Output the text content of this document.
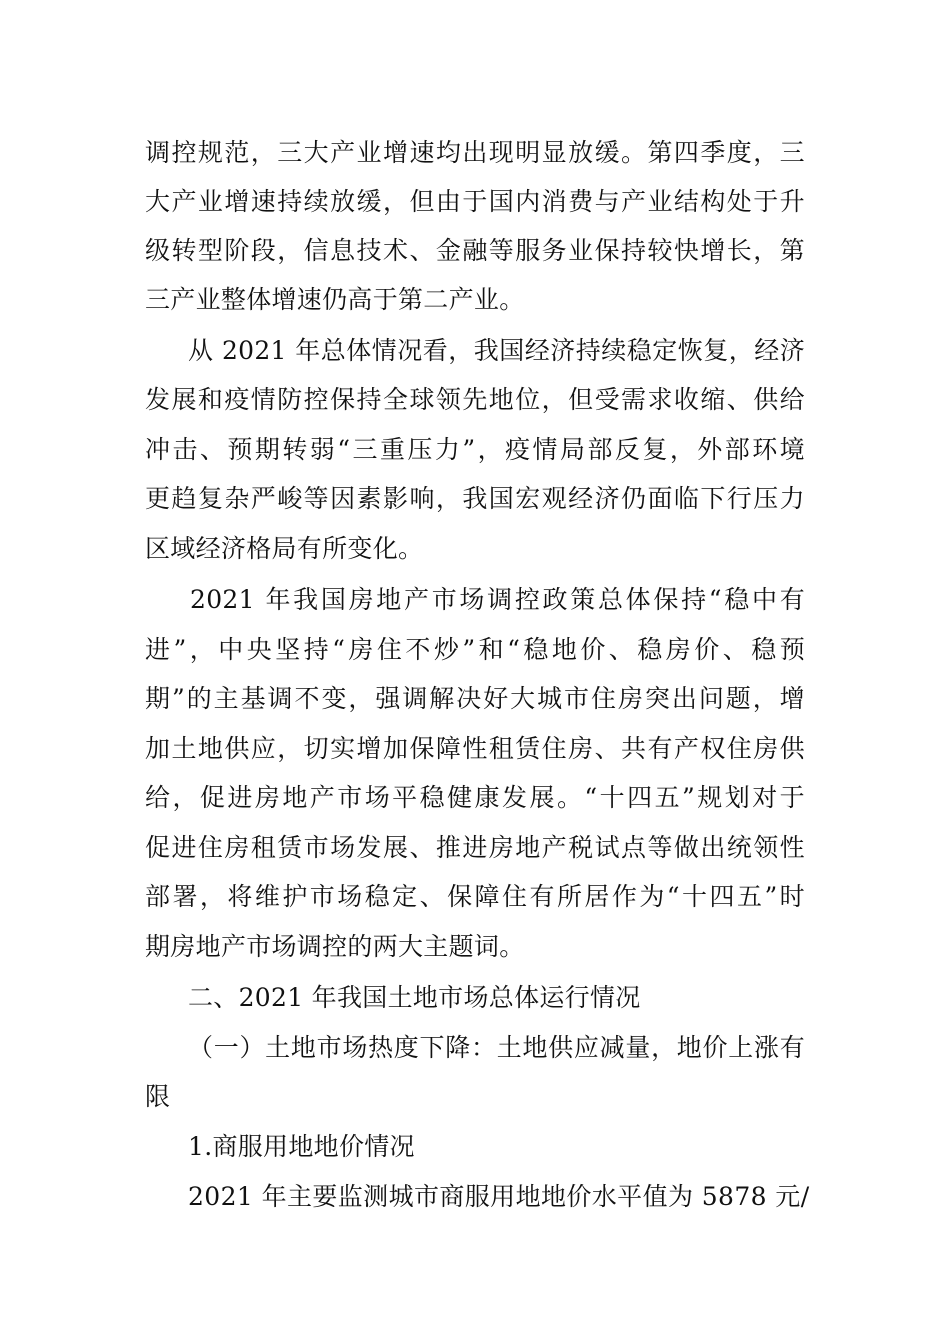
调控规范，三大产业增速均出现明显放缓。第四季度，三
大产业增速持续放缓，但由于国内消费与产业结构处于升
级转型阶段，信息技术、金融等服务业保持较快增长，第
三产业整体增速仍高于第二产业。
从 2021 年总体情况看，我国经济持续稳定恢复，经济
发展和疫情防控保持全球领先地位，但受需求收缩、供给
冲击、预期转弱“三重压力”，疫情局部反复，外部环境
更趋复杂严峻等因素影响，我国宏观经济仍面临下行压力
区域经济格局有所变化。
2021 年我国房地产市场调控政策总体保持“稳中有
进”，中央坚持“房住不炒”和“稳地价、稳房价、稳预
期”的主基调不变，强调解决好大城市住房突出问题，增
加土地供应，切实增加保障性租赁住房、共有产权住房供
给，促进房地产市场平稳健康发展。“十四五”规划对于
促进住房租赁市场发展、推进房地产税试点等做出统领性
部署，将维护市场稳定、保障住有所居作为“十四五”时
期房地产市场调控的两大主题词。
二、2021 年我国土地市场总体运行情况
（一）土地市场热度下降：土地供应减量，地价上涨有
限
1.商服用地地价情况
2021 年主要监测城市商服用地地价水平值为 5878 元/
